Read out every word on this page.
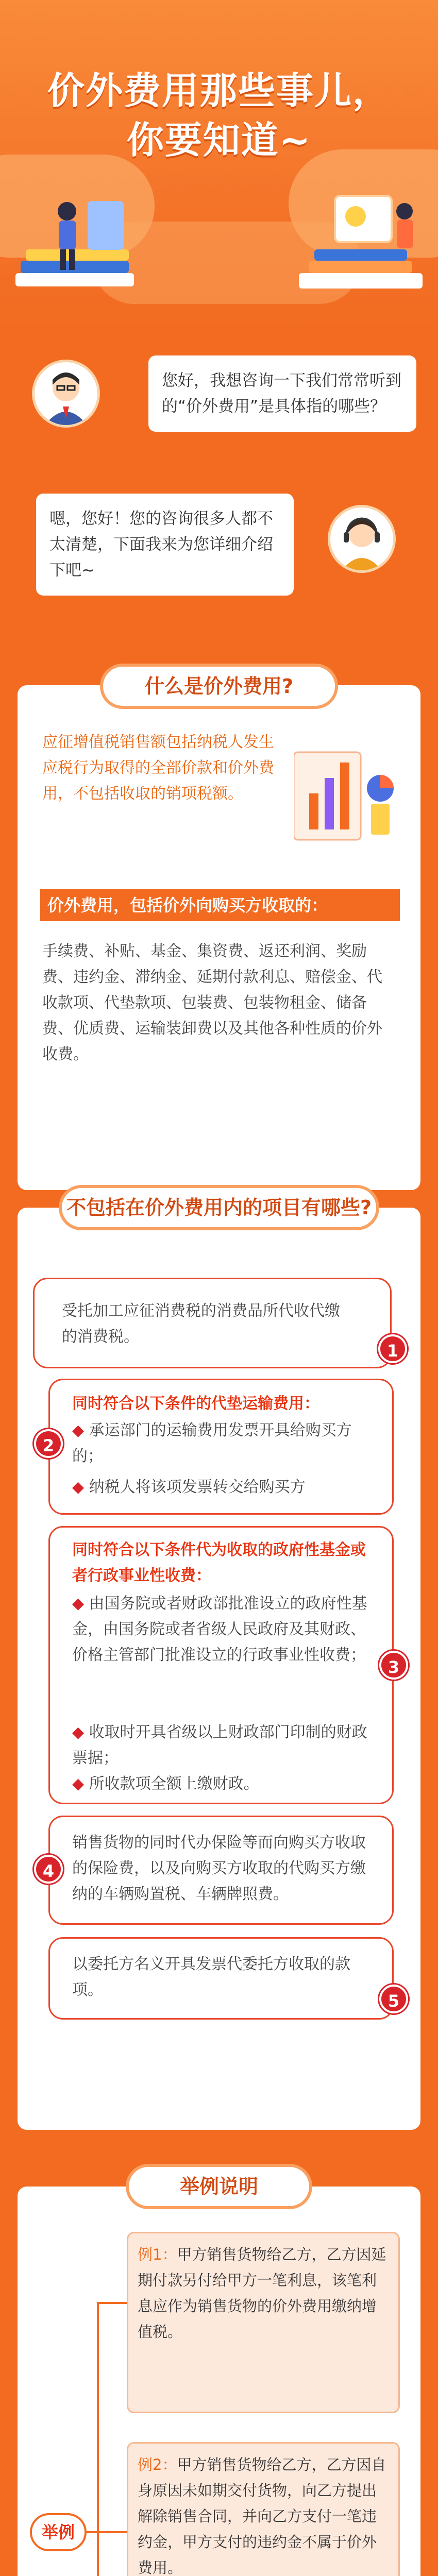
价外费用那些事儿，
你要知道~
您好，我想咨询一下我们常常听到的“价外费用”是具体指的哪些？
嗯，您好！您的咨询很多人都不太清楚，下面我来为您详细介绍下吧~
什么是价外费用?
应征增值税销售额包括纳税人发生应税行为取得的全部价款和价外费用，不包括收取的销项税额。
价外费用，包括价外向购买方收取的：
手续费、补贴、基金、集资费、返还利润、奖励费、违约金、滞纳金、延期付款利息、赔偿金、代收款项、代垫款项、包装费、包装物租金、储备费、优质费、运输装卸费以及其他各种性质的价外收费。
不包括在价外费用内的项目有哪些?
受托加工应征消费税的消费品所代收代缴的消费税。
1
同时符合以下条件的代垫运输费用：
◆ 承运部门的运输费用发票开具给购买方的；
◆ 纳税人将该项发票转交给购买方
2
同时符合以下条件代为收取的政府性基金或者行政事业性收费：
◆ 由国务院或者财政部批准设立的政府性基金，由国务院或者省级人民政府及其财政、价格主管部门批准设立的行政事业性收费；
◆ 收取时开具省级以上财政部门印制的财政票据；
◆ 所收款项全额上缴财政。
3
销售货物的同时代办保险等而向购买方收取的保险费，以及向购买方收取的代购买方缴纳的车辆购置税、车辆牌照费。
4
以委托方名义开具发票代委托方收取的款项。
5
举例说明
举例
例1：甲方销售货物给乙方，乙方因延期付款另付给甲方一笔利息，该笔利息应作为销售货物的价外费用缴纳增值税。
例2：甲方销售货物给乙方，乙方因自身原因未如期交付货物，向乙方提出解除销售合同，并向乙方支付一笔违约金，甲方支付的违约金不属于价外费用。
